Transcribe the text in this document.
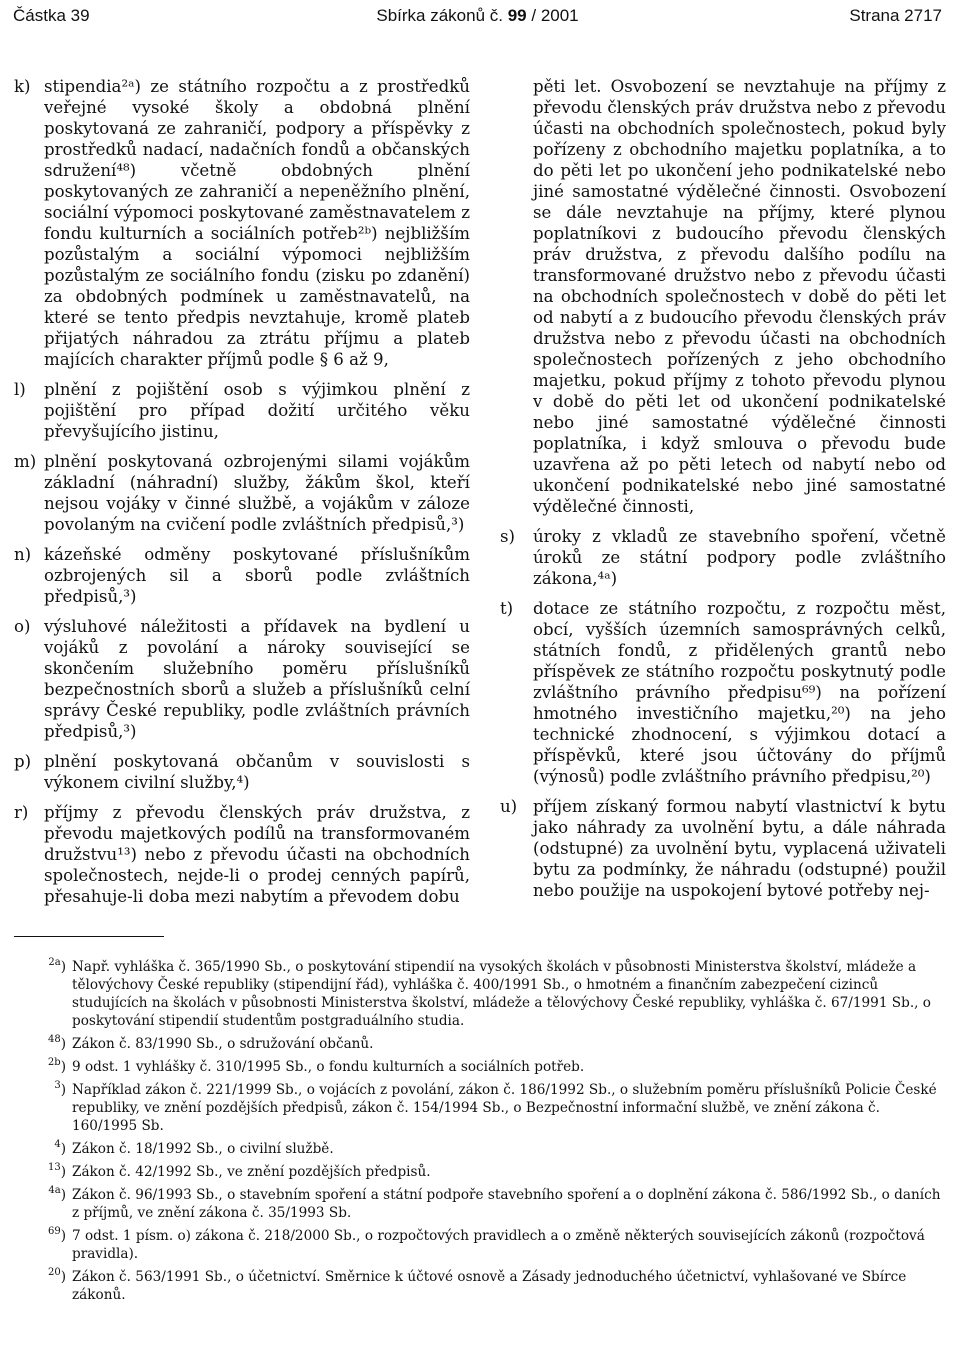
Částka 39	Sbírka zákonů č. 99 / 2001	Strana 2717
k) stipendia²ᵃ) ze státního rozpočtu a z prostředků veřejné vysoké školy a obdobná plnění poskytovaná ze zahraničí, podpory a příspěvky z prostředků nadací, nadačních fondů a občanských sdružení⁴⁸) včetně obdobných plnění poskytovaných ze zahraničí a nepeněžního plnění, sociální výpomoci poskytované zaměstnavatelem z fondu kulturních a sociálních potřeb²ᵇ) nejbližším pozůstalým a sociální výpomoci nejbližším pozůstalým ze sociálního fondu (zisku po zdanění) za obdobných podmínek u zaměstnavatelů, na které se tento předpis nevztahuje, kromě plateb přijatých náhradou za ztrátu příjmu a plateb majících charakter příjmů podle § 6 až 9,
l)	plnění z pojištění osob s výjimkou plnění z pojištění pro případ dožití určitého věku převyšujícího jistinu,
m) plnění poskytovaná ozbrojenými silami vojákům základní (náhradní) služby, žákům škol, kteří nejsou vojáky v činné službě, a vojákům v záloze povolaným na cvičení podle zvláštních předpisů,³)
n) kázeňské odměny poskytované příslušníkům ozbrojených sil a sborů podle zvláštních předpisů,³)
o) výsluhové náležitosti a přídavek na bydlení u vojáků z povolání a nároky související se skončením služebního poměru příslušníků bezpečnostních sborů a služeb a příslušníků celní správy České republiky, podle zvláštních právních předpisů,³)
p) plnění poskytovaná občanům v souvislosti s výkonem civilní služby,⁴)
r) příjmy z převodu členských práv družstva, z převodu majetkových podílů na transformovaném družstvu¹³) nebo z převodu účasti na obchodních společnostech, nejde-li o prodej cenných papírů, přesahuje-li doba mezi nabytím a převodem dobu
pěti let. Osvobození se nevztahuje na příjmy z převodu členských práv družstva nebo z převodu účasti na obchodních společnostech, pokud byly pořízeny z obchodního majetku poplatníka, a to do pěti let po ukončení jeho podnikatelské nebo jiné samostatné výdělečné činnosti. Osvobození se dále nevztahuje na příjmy, které plynou poplatníkovi z budoucího převodu členských práv družstva, z převodu dalšího podílu na transformované družstvo nebo z převodu účasti na obchodních společnostech v době do pěti let od nabytí a z budoucího převodu členských práv družstva nebo z převodu účasti na obchodních společnostech pořízených z jeho obchodního majetku, pokud příjmy z tohoto převodu plynou v době do pěti let od ukončení podnikatelské nebo jiné samostatné výdělečné činnosti poplatníka, i když smlouva o převodu bude uzavřena až po pěti letech od nabytí nebo od ukončení podnikatelské nebo jiné samostatné výdělečné činnosti,
s)	úroky z vkladů ze stavebního spoření, včetně úroků ze státní podpory podle zvláštního zákona,⁴ᵃ)
t)	dotace ze státního rozpočtu, z rozpočtu měst, obcí, vyšších územních samosprávných celků, státních fondů, z přidělených grantů nebo příspěvek ze státního rozpočtu poskytnutý podle zvláštního právního předpisu⁶⁹) na pořízení hmotného investičního majetku,²⁰) na jeho technické zhodnocení, s výjimkou dotací a příspěvků, které jsou účtovány do příjmů (výnosů) podle zvláštního právního předpisu,²⁰)
u) příjem získaný formou nabytí vlastnictví k bytu jako náhrady za uvolnění bytu, a dále náhrada (odstupné) za uvolnění bytu, vyplacená uživateli bytu za podmínky, že náhradu (odstupné) použil nebo použije na uspokojení bytové potřeby nej-
$^{2a}$) Např. vyhláška č. 365/1990 Sb., o poskytování stipendií na vysokých školách v působnosti Ministerstva školství, mládeže a tělovýchovy České republiky (stipendijní řád), vyhláška č. 400/1991 Sb., o hmotném a finančním zabezpečení cizinců studujících na školách v působnosti Ministerstva školství, mládeže a tělovýchovy České republiky, vyhláška č. 67/1991 Sb., o poskytování stipendií studentům postgraduálního studia.
$^{48}$) Zákon č. 83/1990 Sb., o sdružování občanů.
$^{2b}$) 9 odst. 1 vyhlášky č. 310/1995 Sb., o fondu kulturních a sociálních potřeb.
$^3$) Například zákon č. 221/1999 Sb., o vojácích z povolání, zákon č. 186/1992 Sb., o služebním poměru příslušníků Policie České republiky, ve znění pozdějších předpisů, zákon č. 154/1994 Sb., o Bezpečnostní informační službě, ve znění zákona č. 160/1995 Sb.
$^4$) Zákon č. 18/1992 Sb., o civilní službě.
$^{13}$) Zákon č. 42/1992 Sb., ve znění pozdějších předpisů.
$^{4a}$) Zákon č. 96/1993 Sb., o stavebním spoření a státní podpoře stavebního spoření a o doplnění zákona č. 586/1992 Sb., o daních z příjmů, ve znění zákona č. 35/1993 Sb.
$^{69}$) 7 odst. 1 písm. o) zákona č. 218/2000 Sb., o rozpočtových pravidlech a o změně některých souvisejících zákonů (rozpočtová pravidla).
$^{20}$) Zákon č. 563/1991 Sb., o účetnictví. Směrnice k účtové osnově a Zásady jednoduchého účetnictví, vyhlašované ve Sbírce zákonů.
